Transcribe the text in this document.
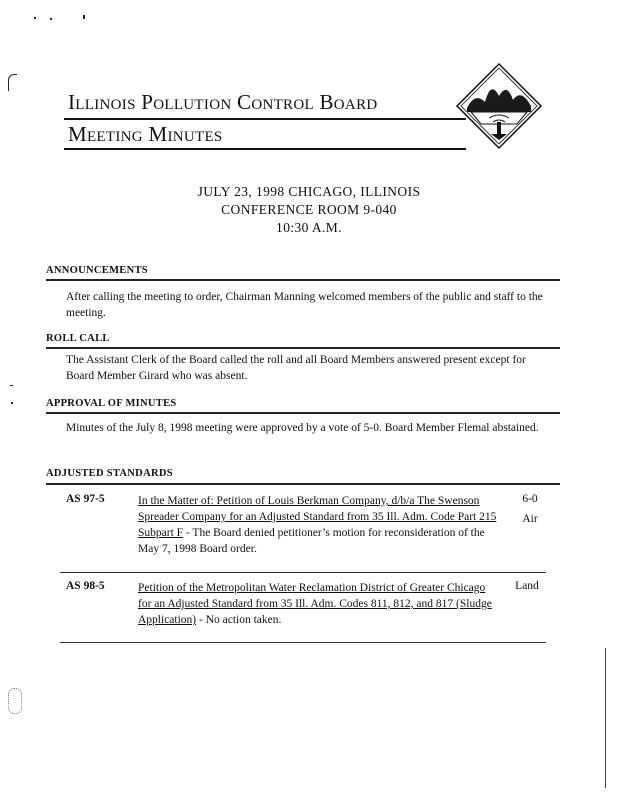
Illinois Pollution Control Board
Meeting Minutes
JULY 23, 1998 CHICAGO, ILLINOIS
CONFERENCE ROOM 9-040
10:30 A.M.
ANNOUNCEMENTS
After calling the meeting to order, Chairman Manning welcomed members of the public and staff to the meeting.
ROLL CALL
The Assistant Clerk of the Board called the roll and all Board Members answered present except for Board Member Girard who was absent.
APPROVAL OF MINUTES
Minutes of the July 8, 1998 meeting were approved by a vote of 5-0. Board Member Flemal abstained.
ADJUSTED STANDARDS
AS 97-5	In the Matter of: Petition of Louis Berkman Company, d/b/a The Swenson Spreader Company for an Adjusted Standard from 35 Ill. Adm. Code Part 215 Subpart F - The Board denied petitioner’s motion for reconsideration of the May 7, 1998 Board order.
6-0
Air
AS 98-5	Petition of the Metropolitan Water Reclamation District of Greater Chicago for an Adjusted Standard from 35 Ill. Adm. Codes 811, 812, and 817 (Sludge Application) - No action taken.
Land
